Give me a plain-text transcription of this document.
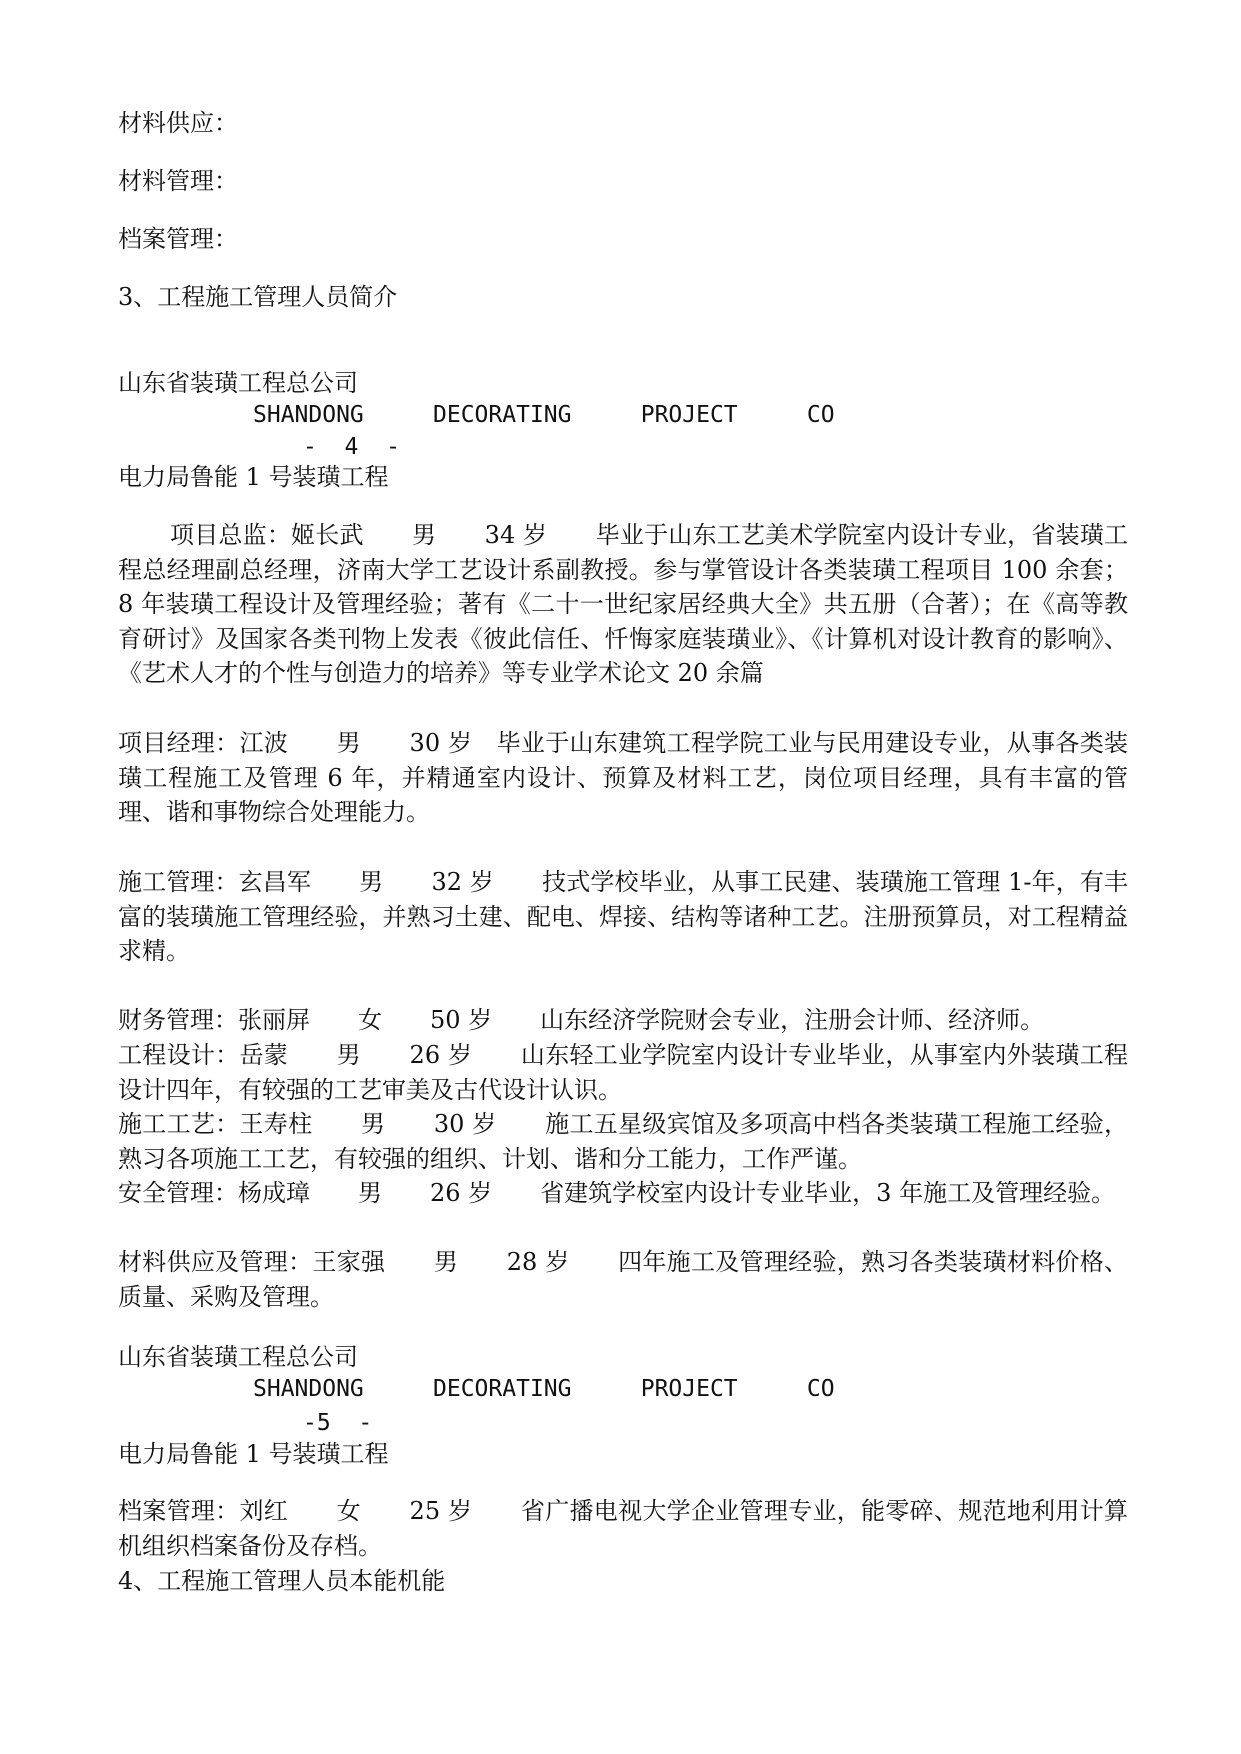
材料供应：

材料管理：

档案管理：

3、工程施工管理人员简介

山东省装璜工程总公司

SHANDONG     DECORATING     PROJECT     CO

-  4  -

电力局鲁能 1 号装璜工程

项目总监：姬长武　　男　　34 岁　　毕业于山东工艺美术学院室内设计专业，省装璜工程总经理副总经理，济南大学工艺设计系副教授。参与掌管设计各类装璜工程项目 100 余套；8 年装璜工程设计及管理经验；著有《二十一世纪家居经典大全》共五册（合著）；在《高等教育研讨》及国家各类刊物上发表《彼此信任、忏悔家庭装璜业》、《计算机对设计教育的影响》、《艺术人才的个性与创造力的培养》等专业学术论文 20 余篇

项目经理：江波　　男　　30 岁　毕业于山东建筑工程学院工业与民用建设专业，从事各类装璜工程施工及管理 6 年，并精通室内设计、预算及材料工艺，岗位项目经理，具有丰富的管理、谐和事物综合处理能力。

施工管理：玄昌军　　男　　32 岁　　技式学校毕业，从事工民建、装璜施工管理 1-年，有丰富的装璜施工管理经验，并熟习土建、配电、焊接、结构等诸种工艺。注册预算员，对工程精益求精。

财务管理：张丽屏　　女　　50 岁　　山东经济学院财会专业，注册会计师、经济师。

工程设计：岳蒙　　男　　26 岁　　山东轻工业学院室内设计专业毕业，从事室内外装璜工程设计四年，有较强的工艺审美及古代设计认识。

施工工艺：王寿柱　　男　　30 岁　　施工五星级宾馆及多项高中档各类装璜工程施工经验，熟习各项施工工艺，有较强的组织、计划、谐和分工能力，工作严谨。

安全管理：杨成璋　　男　　26 岁　　省建筑学校室内设计专业毕业，3 年施工及管理经验。

材料供应及管理：王家强　　男　　28 岁　　四年施工及管理经验，熟习各类装璜材料价格、质量、采购及管理。

山东省装璜工程总公司

SHANDONG     DECORATING     PROJECT     CO

-5  -

电力局鲁能 1 号装璜工程

档案管理：刘红　　女　　25 岁　　省广播电视大学企业管理专业，能零碎、规范地利用计算机组织档案备份及存档。

4、工程施工管理人员本能机能
